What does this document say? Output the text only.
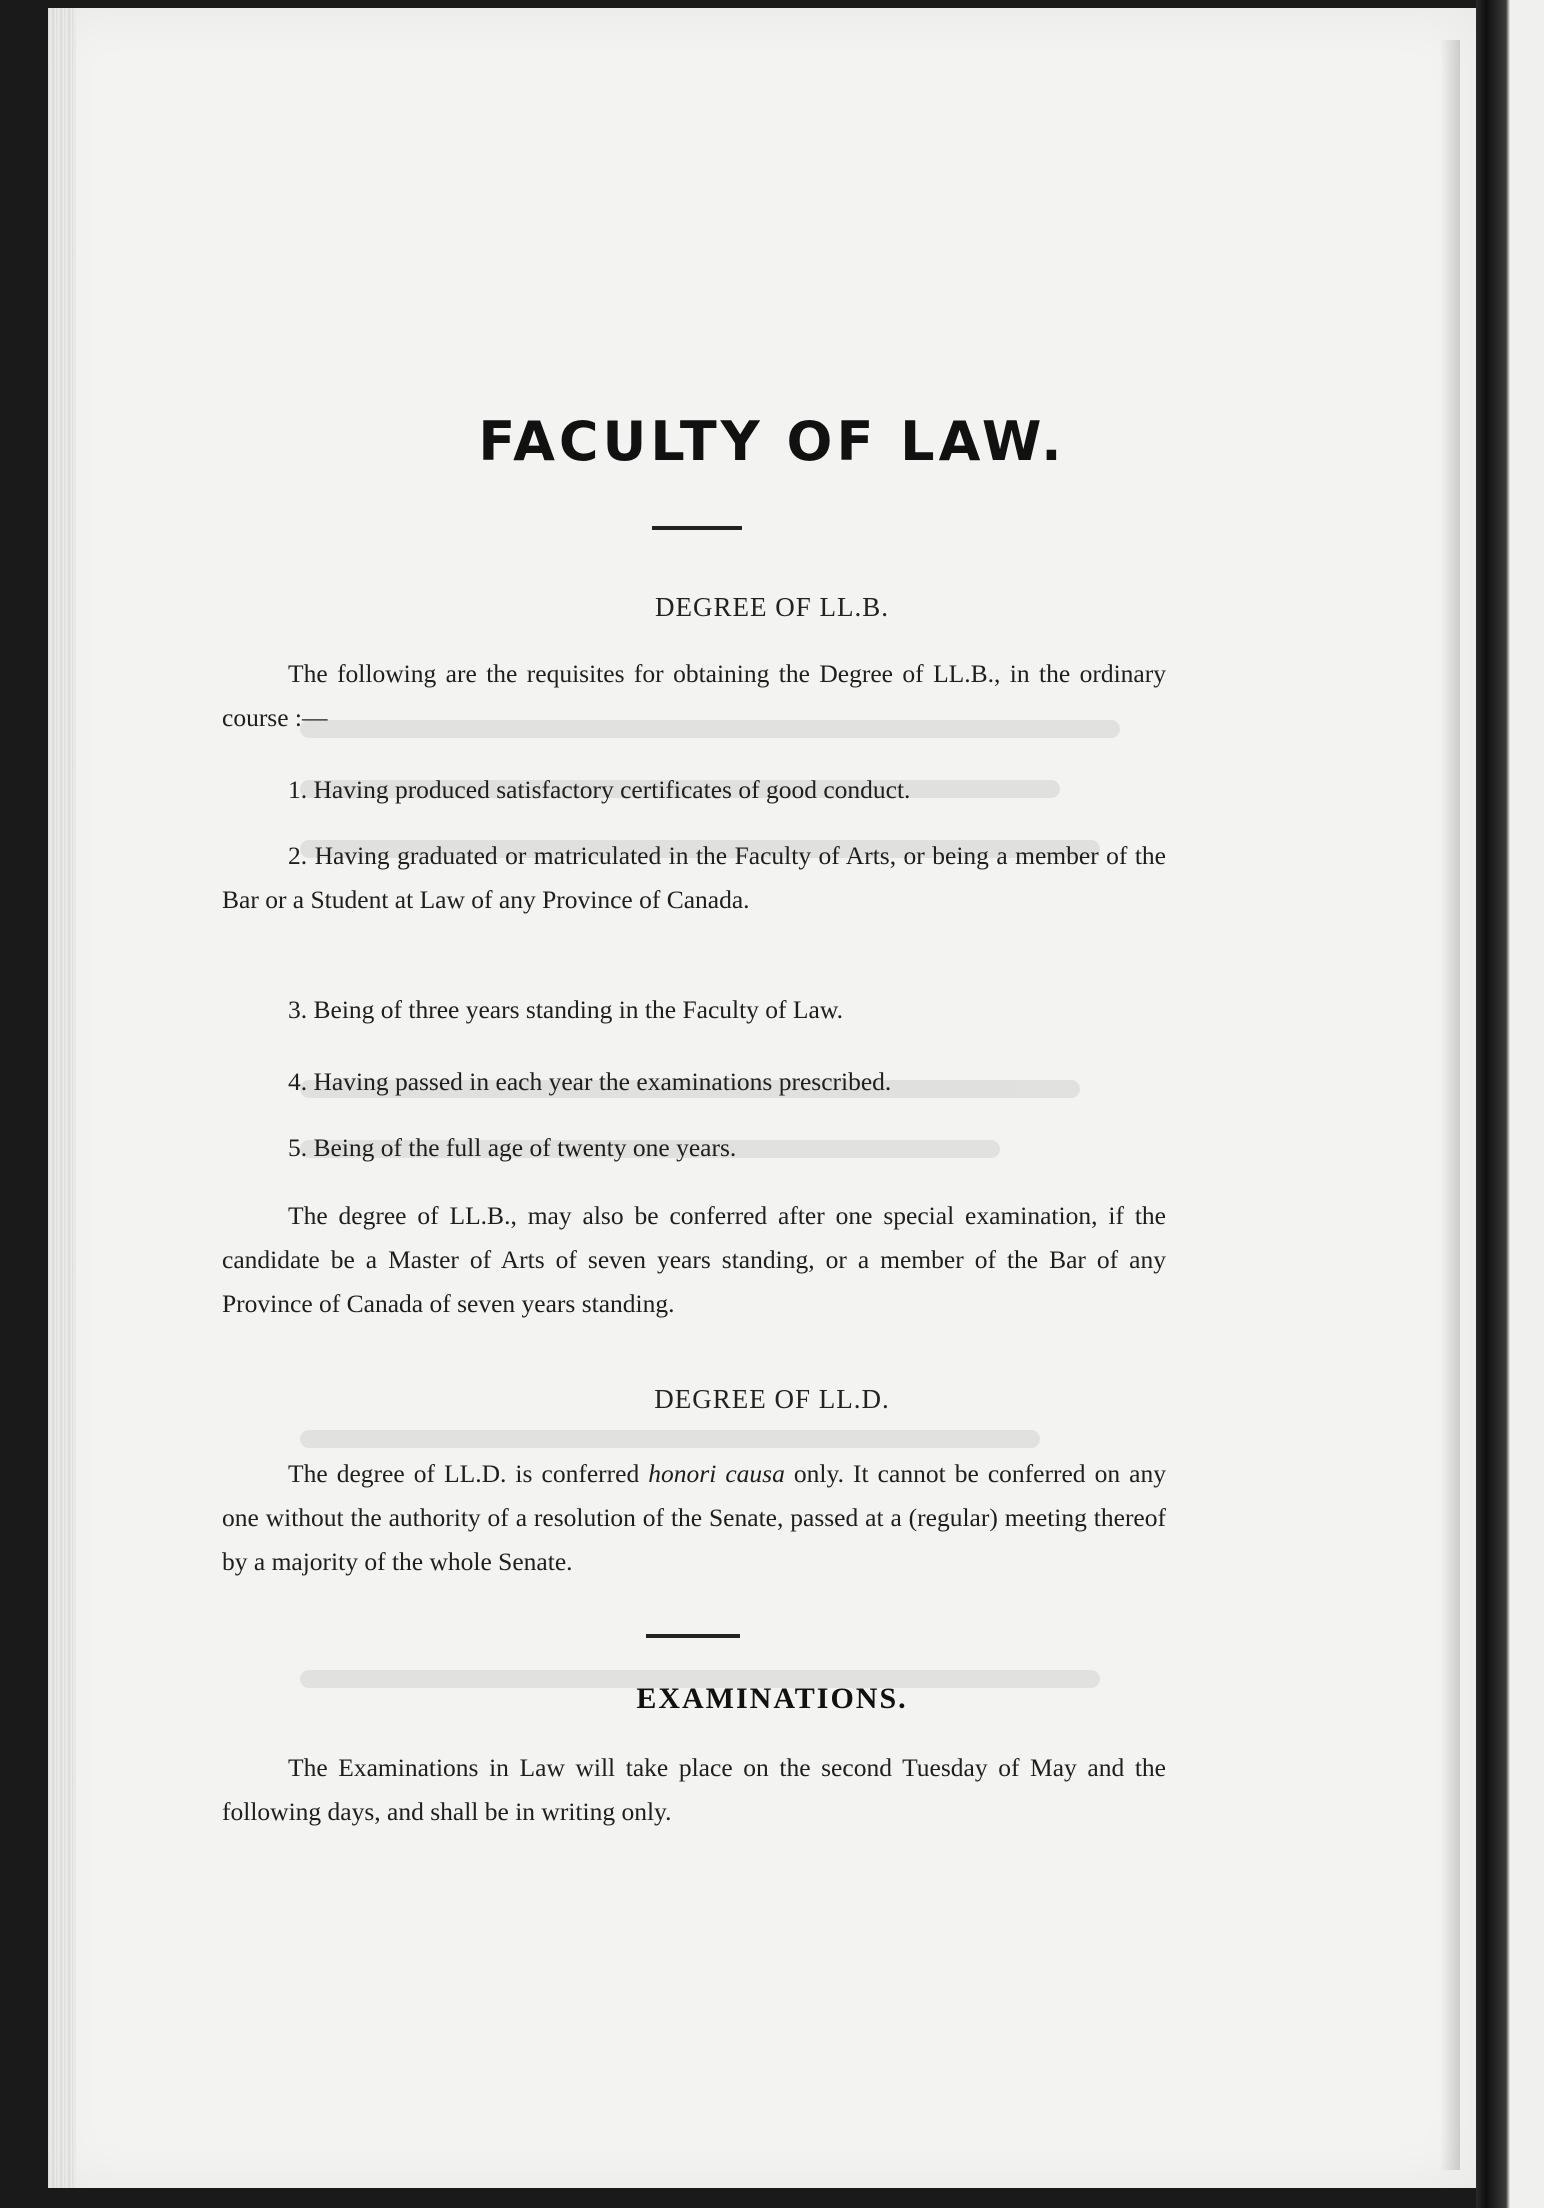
FACULTY OF LAW.
DEGREE OF LL.B.
The following are the requisites for obtaining the Degree of LL.B., in the ordinary course :—
1. Having produced satisfactory certificates of good conduct.
2. Having graduated or matriculated in the Faculty of Arts, or being a member of the Bar or a Student at Law of any Province of Canada.
3. Being of three years standing in the Faculty of Law.
4. Having passed in each year the examinations prescribed.
5. Being of the full age of twenty one years.
The degree of LL.B., may also be conferred after one special examination, if the candidate be a Master of Arts of seven years standing, or a member of the Bar of any Province of Canada of seven years standing.
DEGREE OF LL.D.
The degree of LL.D. is conferred honori causa only. It cannot be conferred on any one without the authority of a resolution of the Senate, passed at a (regular) meeting thereof by a majority of the whole Senate.
EXAMINATIONS.
The Examinations in Law will take place on the second Tuesday of May and the following days, and shall be in writing only.
